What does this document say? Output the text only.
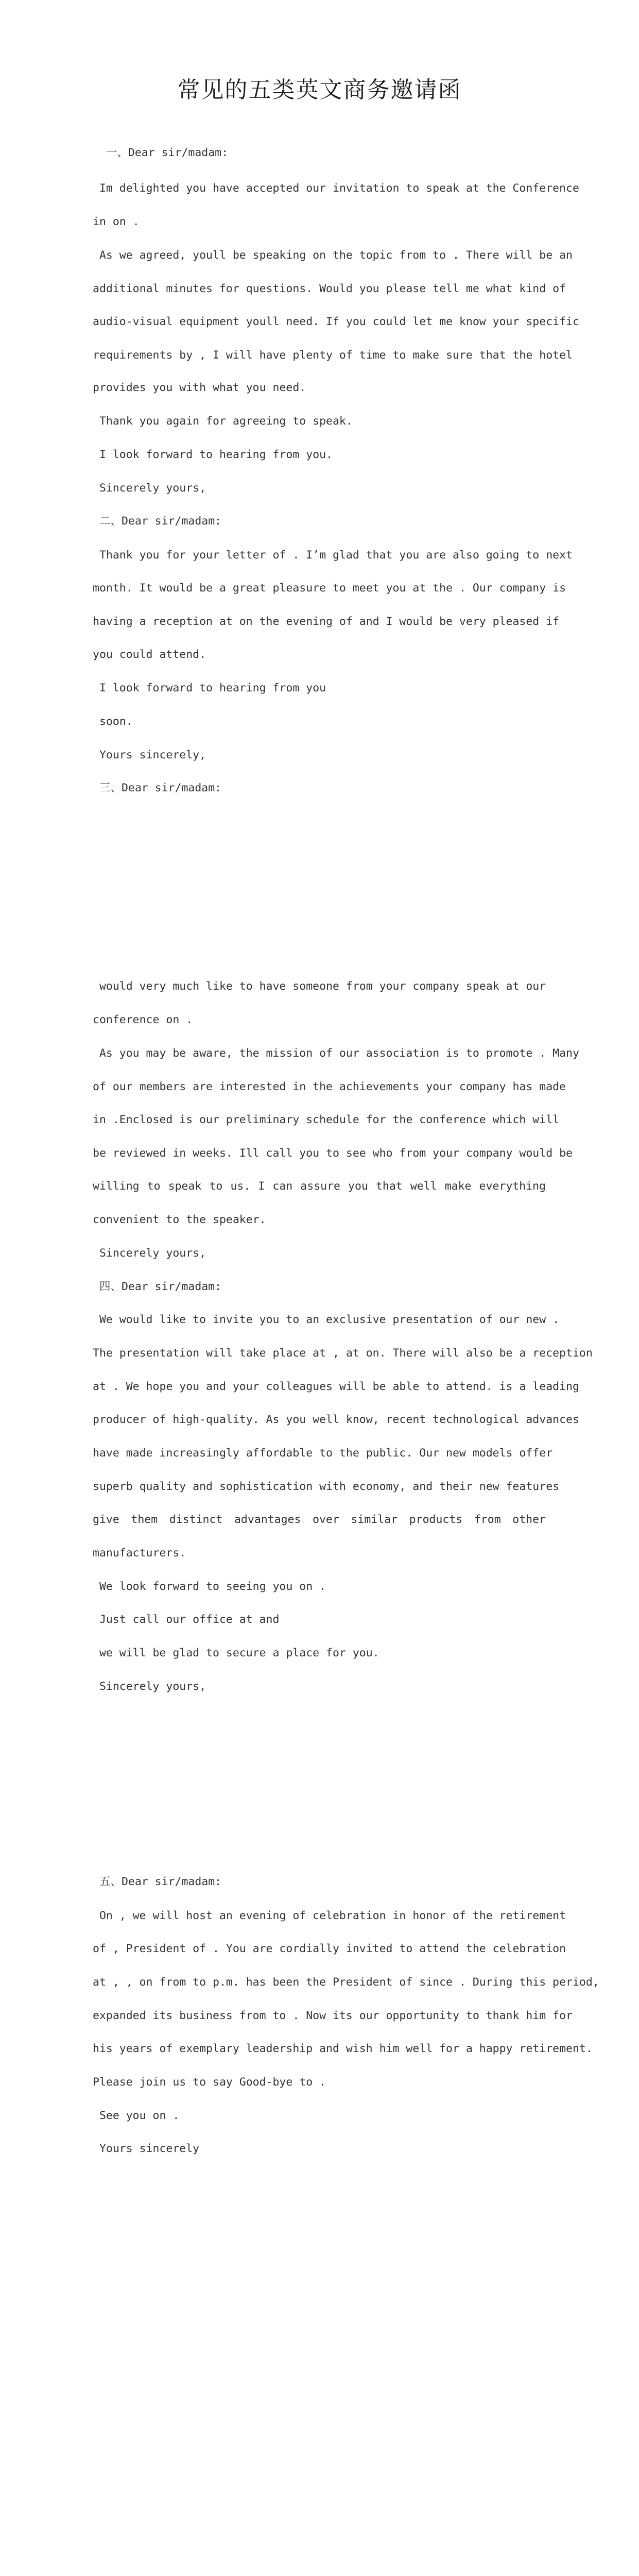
常见的五类英文商务邀请函
一、Dear sir/madam:
Im delighted you have accepted our invitation to speak at the Conference
in on .
As we agreed, youll be speaking on the topic from to . There will be an
additional minutes for questions. Would you please tell me what kind of
audio-visual equipment youll need. If you could let me know your specific
requirements by , I will have plenty of time to make sure that the hotel
provides you with what you need.
Thank you again for agreeing to speak.
I look forward to hearing from you.
Sincerely yours,
二、Dear sir/madam:
Thank you for your letter of . I’m glad that you are also going to next
month. It would be a great pleasure to meet you at the . Our company is
having a reception at on the evening of and I would be very pleased if
you could attend.
I look forward to hearing from you
soon.
Yours sincerely,
三、Dear sir/madam:
would very much like to have someone from your company speak at our
conference on .
As you may be aware, the mission of our association is to promote . Many
of our members are interested in the achievements your company has made
in .Enclosed is our preliminary schedule for the conference which will
be reviewed in weeks. Ill call you to see who from your company would be
willing to speak to us. I can assure you that well make everything
convenient to the speaker.
Sincerely yours,
四、Dear sir/madam:
We would like to invite you to an exclusive presentation of our new .
The presentation will take place at , at on. There will also be a reception
at . We hope you and your colleagues will be able to attend. is a leading
producer of high-quality. As you well know, recent technological advances
have made increasingly affordable to the public. Our new models offer
superb quality and sophistication with economy, and their new features
give them distinct advantages over similar products from other
manufacturers.
We look forward to seeing you on .
Just call our office at and
we will be glad to secure a place for you.
Sincerely yours,
五、Dear sir/madam:
On , we will host an evening of celebration in honor of the retirement
of , President of . You are cordially invited to attend the celebration
at , , on from to p.m. has been the President of since . During this period,
expanded its business from to . Now its our opportunity to thank him for
his years of exemplary leadership and wish him well for a happy retirement.
Please join us to say Good-bye to .
See you on .
Yours sincerely
